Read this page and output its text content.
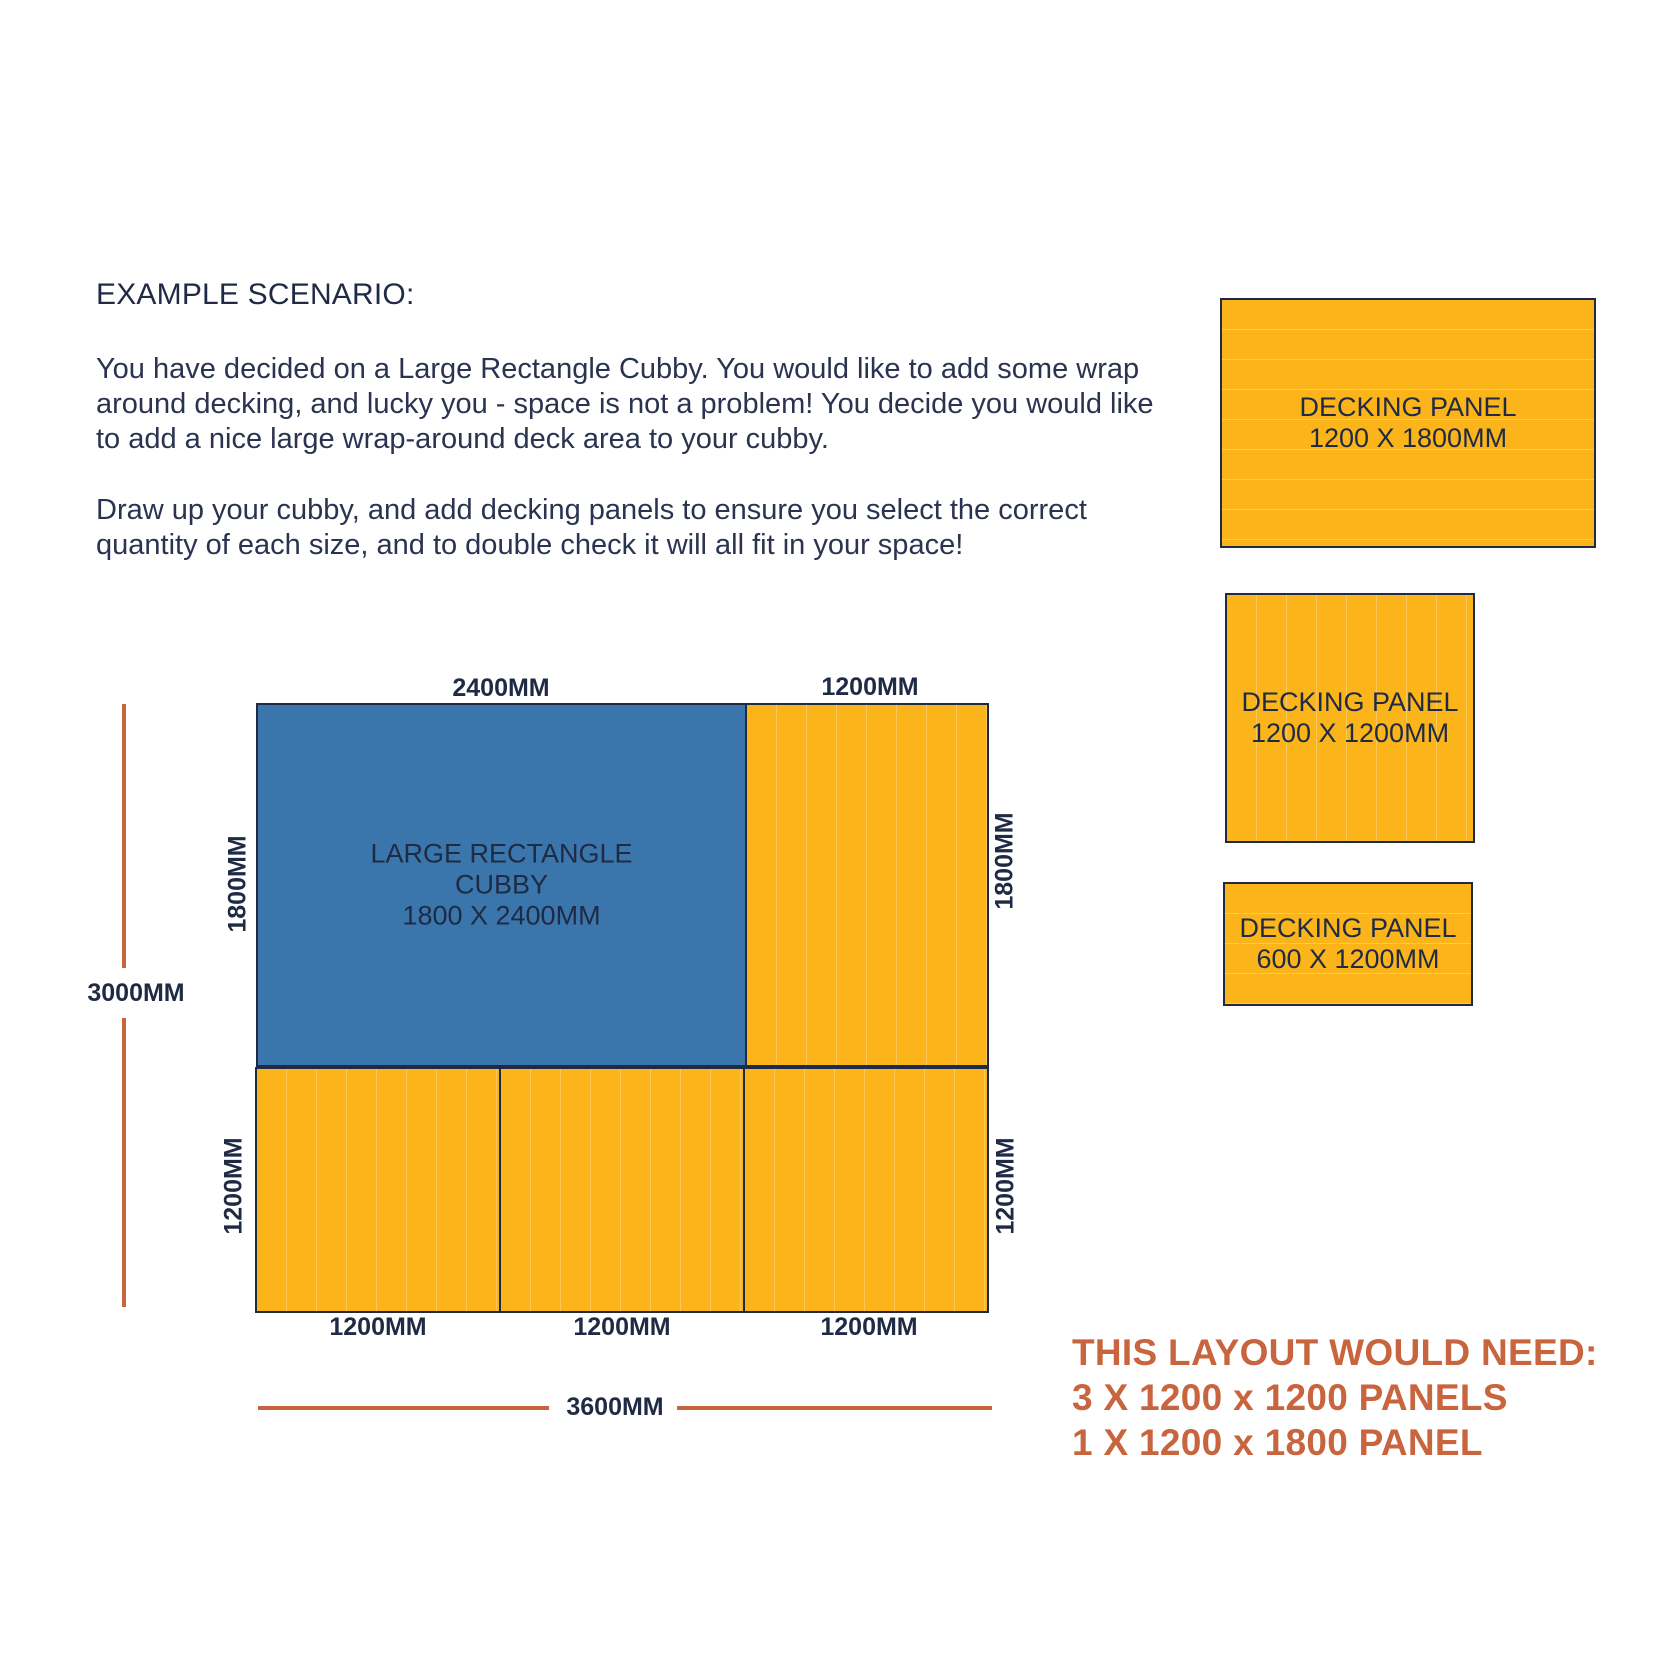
EXAMPLE SCENARIO:
You have decided on a Large Rectangle Cubby. You would like to add some wrap around decking, and lucky you - space is not a problem! You decide you would like to add a nice large wrap-around deck area to your cubby.
Draw up your cubby, and add decking panels to ensure you select the correct quantity of each size, and to double check it will all fit in your space!
LARGE RECTANGLE
CUBBY
1800 X 2400MM
2400MM	1200MM
1800MM	1800MM
1200MM	1200MM
1200MM	1200MM	1200MM
3000MM
3600MM
DECKING PANEL
1200 X 1800MM
DECKING PANEL
1200 X 1200MM
DECKING PANEL
600 X 1200MM
THIS LAYOUT WOULD NEED:
3 X 1200 x 1200 PANELS
1 X 1200 x 1800 PANEL
